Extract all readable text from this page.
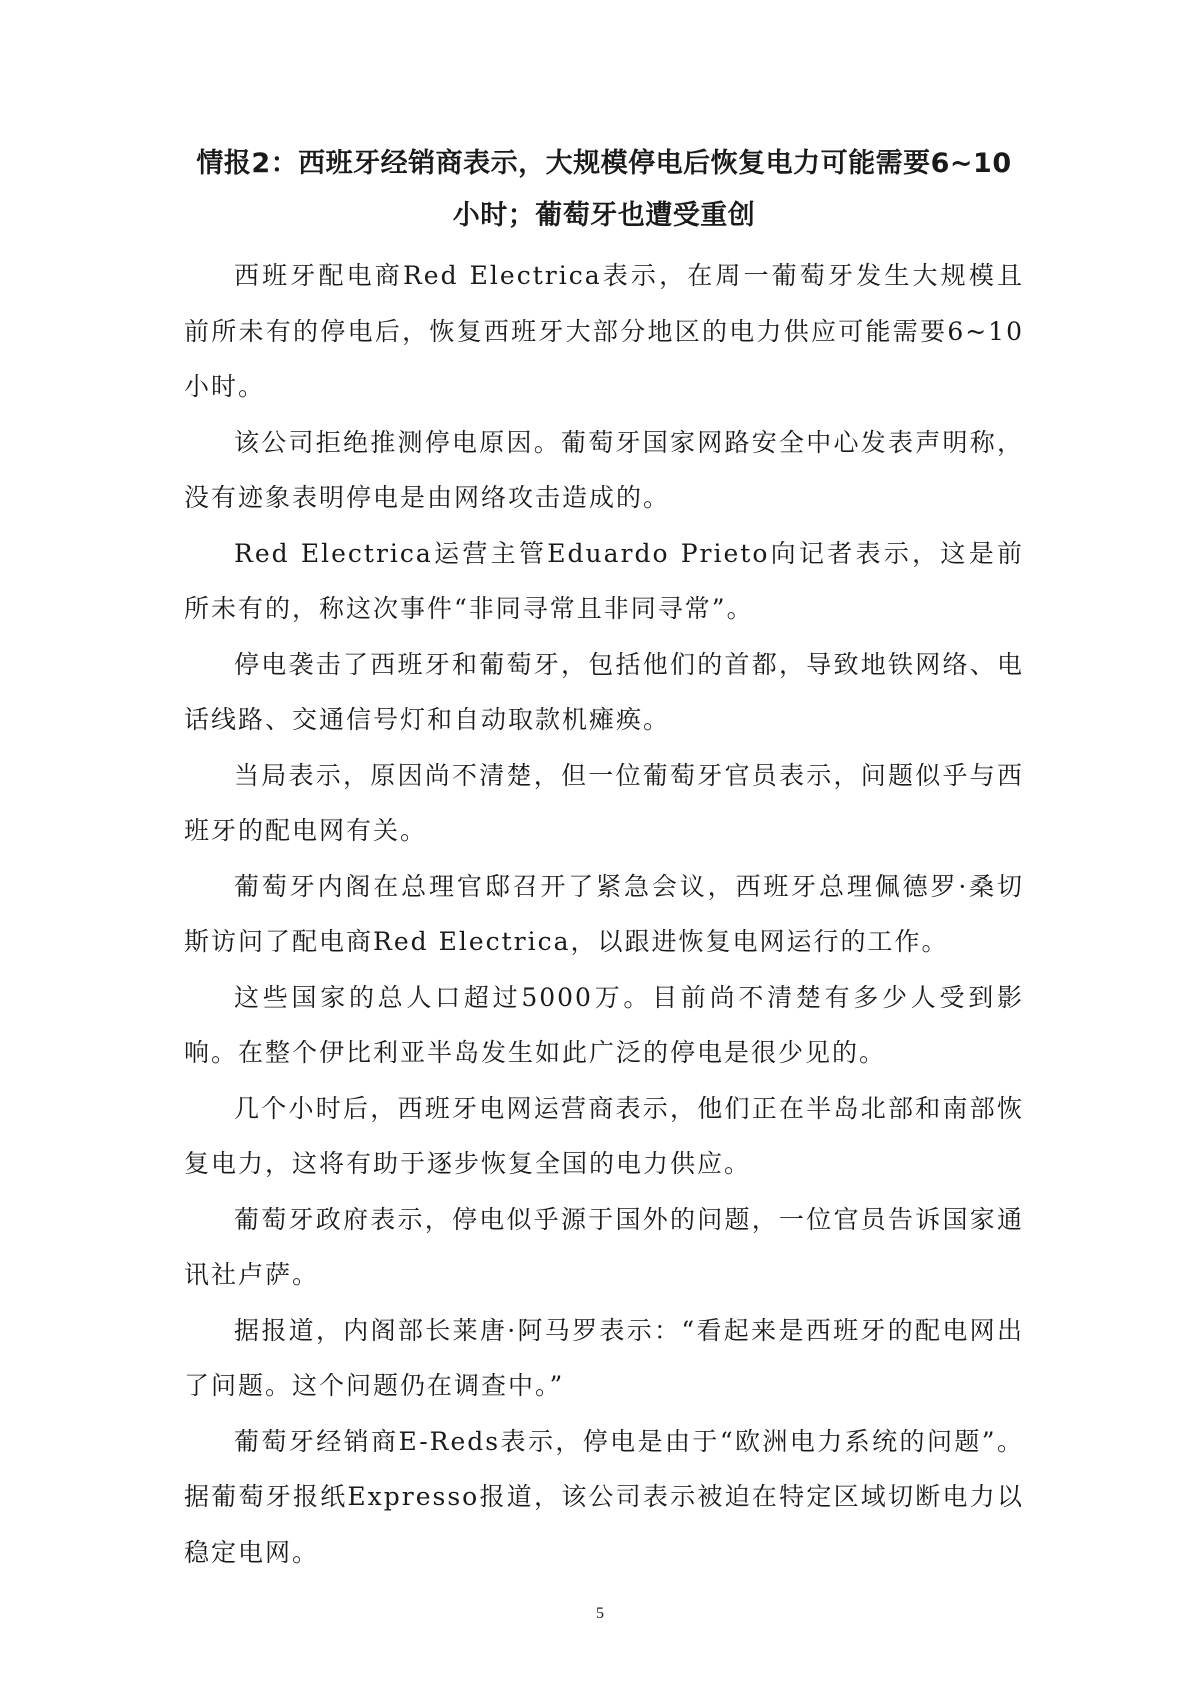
情报2：西班牙经销商表示，大规模停电后恢复电力可能需要6~10小时；葡萄牙也遭受重创

西班牙配电商Red Electrica表示，在周一葡萄牙发生大规模且前所未有的停电后，恢复西班牙大部分地区的电力供应可能需要6~10小时。

该公司拒绝推测停电原因。葡萄牙国家网路安全中心发表声明称，没有迹象表明停电是由网络攻击造成的。

Red Electrica运营主管Eduardo Prieto向记者表示，这是前所未有的，称这次事件“非同寻常且非同寻常”。

停电袭击了西班牙和葡萄牙，包括他们的首都，导致地铁网络、电话线路、交通信号灯和自动取款机瘫痪。

当局表示，原因尚不清楚，但一位葡萄牙官员表示，问题似乎与西班牙的配电网有关。

葡萄牙内阁在总理官邸召开了紧急会议，西班牙总理佩德罗·桑切斯访问了配电商Red Electrica，以跟进恢复电网运行的工作。

这些国家的总人口超过5000万。目前尚不清楚有多少人受到影响。在整个伊比利亚半岛发生如此广泛的停电是很少见的。

几个小时后，西班牙电网运营商表示，他们正在半岛北部和南部恢复电力，这将有助于逐步恢复全国的电力供应。

葡萄牙政府表示，停电似乎源于国外的问题，一位官员告诉国家通讯社卢萨。

据报道，内阁部长莱唐·阿马罗表示：“看起来是西班牙的配电网出了问题。这个问题仍在调查中。”

葡萄牙经销商E-Reds表示，停电是由于“欧洲电力系统的问题”。据葡萄牙报纸Expresso报道，该公司表示被迫在特定区域切断电力以稳定电网。

5
